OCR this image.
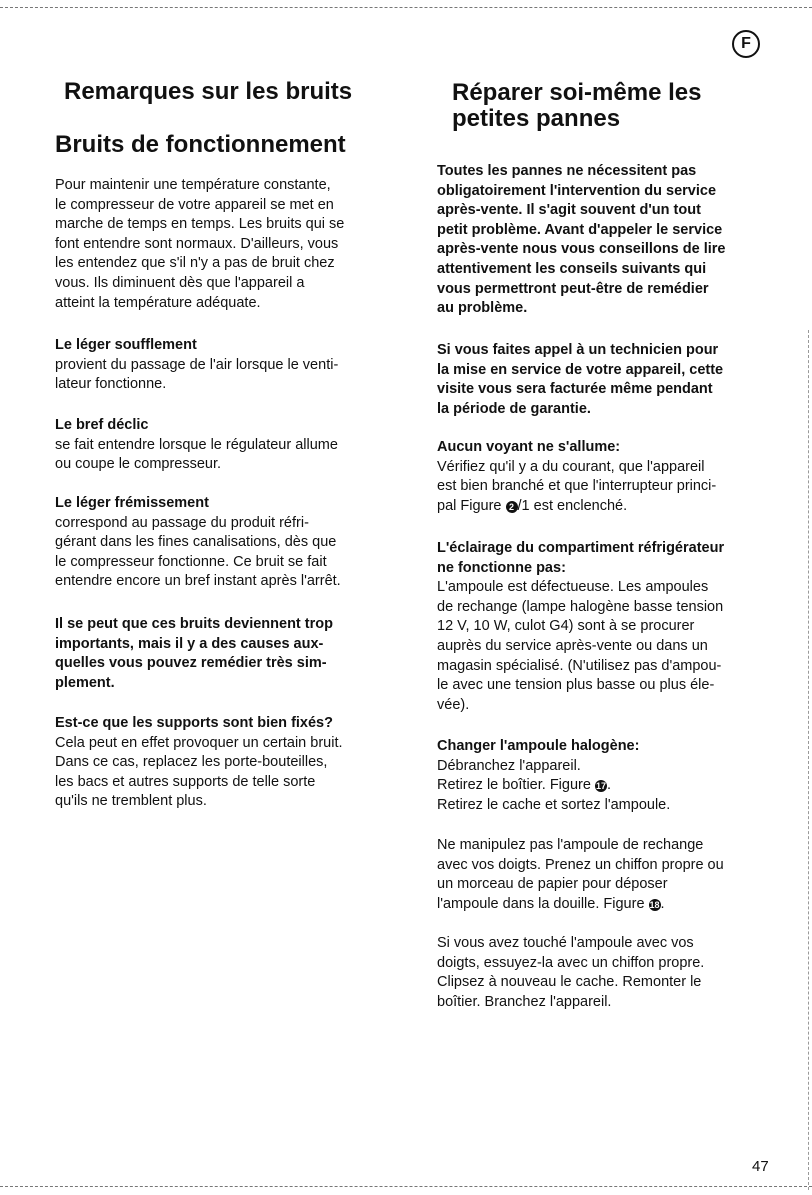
F
Remarques sur les bruits
Bruits de fonctionnement
Pour maintenir une température constante,
le compresseur de votre appareil se met en
marche de temps en temps. Les bruits qui se
font entendre sont normaux. D'ailleurs, vous
les entendez que s'il n'y a pas de bruit chez
vous. Ils diminuent dès que l'appareil a
atteint la température adéquate.
Le léger soufflement
provient du passage de l'air lorsque le venti-
lateur fonctionne.
Le bref déclic
se fait entendre lorsque le régulateur allume
ou coupe le compresseur.
Le léger frémissement
correspond au passage du produit réfri-
gérant dans les fines canalisations, dès que
le compresseur fonctionne. Ce bruit se fait
entendre encore un bref instant après l'arrêt.
Il se peut que ces bruits deviennent trop
importants, mais il y a des causes aux-
quelles vous pouvez remédier très sim-
plement.
Est-ce que les supports sont bien fixés?
Cela peut en effet provoquer un certain bruit.
Dans ce cas, replacez les porte-bouteilles,
les bacs et autres supports de telle sorte
qu'ils ne tremblent plus.
Réparer soi-même les
petites pannes
Toutes les pannes ne nécessitent pas
obligatoirement l'intervention du service
après-vente. Il s'agit souvent d'un tout
petit problème. Avant d'appeler le service
après-vente nous vous conseillons de lire
attentivement les conseils suivants qui
vous permettront peut-être de remédier
au problème.
Si vous faites appel à un technicien pour
la mise en service de votre appareil, cette
visite vous sera facturée même pendant
la période de garantie.
Aucun voyant ne s'allume:
Vérifiez qu'il y a du courant, que l'appareil
est bien branché et que l'interrupteur princi-
pal Figure 2 /1 est enclenché.
L'éclairage du compartiment réfrigérateur
ne fonctionne pas:
L'ampoule est défectueuse. Les ampoules
de rechange (lampe halogène basse tension
12 V, 10 W, culot G4) sont à se procurer
auprès du service après-vente ou dans un
magasin spécialisé. (N'utilisez pas d'ampou-
le avec une tension plus basse ou plus éle-
vée).
Changer l'ampoule halogène:
Débranchez l'appareil.
Retirez le boîtier. Figure 17.
Retirez le cache et sortez l'ampoule.
Ne manipulez pas l'ampoule de rechange
avec vos doigts. Prenez un chiffon propre ou
un morceau de papier pour déposer
l'ampoule dans la douille. Figure 18.
Si vous avez touché l'ampoule avec vos
doigts, essuyez-la avec un chiffon propre.
Clipsez à nouveau le cache. Remonter le
boîtier. Branchez l'appareil.
47
